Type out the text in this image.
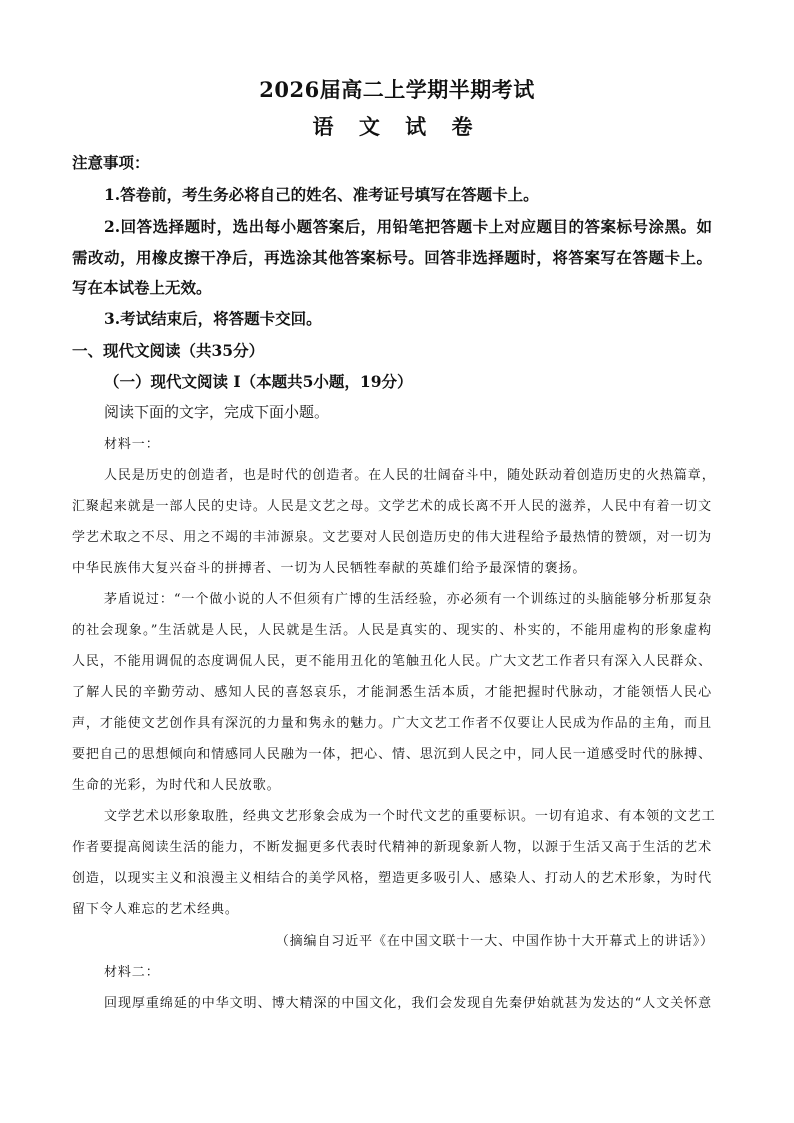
2026届高二上学期半期考试
语 文 试 卷
注意事项：
1.答卷前，考生务必将自己的姓名、准考证号填写在答题卡上。
2.回答选择题时，选出每小题答案后，用铅笔把答题卡上对应题目的答案标号涂黑。如
需改动，用橡皮擦干净后，再选涂其他答案标号。回答非选择题时，将答案写在答题卡上。
写在本试卷上无效。
3.考试结束后，将答题卡交回。
一、现代文阅读（共35分）
（一）现代文阅读 Ⅰ（本题共5小题，19分）
阅读下面的文字，完成下面小题。
材料一：
人民是历史的创造者，也是时代的创造者。在人民的壮阔奋斗中，随处跃动着创造历史的火热篇章，
汇聚起来就是一部人民的史诗。人民是文艺之母。文学艺术的成长离不开人民的滋养，人民中有着一切文
学艺术取之不尽、用之不竭的丰沛源泉。文艺要对人民创造历史的伟大进程给予最热情的赞颂，对一切为
中华民族伟大复兴奋斗的拼搏者、一切为人民牺牲奉献的英雄们给予最深情的褒扬。
茅盾说过：“一个做小说的人不但须有广博的生活经验，亦必须有一个训练过的头脑能够分析那复杂
的社会现象。”生活就是人民，人民就是生活。人民是真实的、现实的、朴实的，不能用虚构的形象虚构
人民，不能用调侃的态度调侃人民，更不能用丑化的笔触丑化人民。广大文艺工作者只有深入人民群众、
了解人民的辛勤劳动、感知人民的喜怒哀乐，才能洞悉生活本质，才能把握时代脉动，才能领悟人民心
声，才能使文艺创作具有深沉的力量和隽永的魅力。广大文艺工作者不仅要让人民成为作品的主角，而且
要把自己的思想倾向和情感同人民融为一体，把心、情、思沉到人民之中，同人民一道感受时代的脉搏、
生命的光彩，为时代和人民放歌。
文学艺术以形象取胜，经典文艺形象会成为一个时代文艺的重要标识。一切有追求、有本领的文艺工
作者要提高阅读生活的能力，不断发掘更多代表时代精神的新现象新人物，以源于生活又高于生活的艺术
创造，以现实主义和浪漫主义相结合的美学风格，塑造更多吸引人、感染人、打动人的艺术形象，为时代
留下令人难忘的艺术经典。
（摘编自习近平《在中国文联十一大、中国作协十大开幕式上的讲话》）
材料二：
回现厚重绵延的中华文明、博大精深的中国文化，我们会发现自先秦伊始就甚为发达的“人文关怀意
